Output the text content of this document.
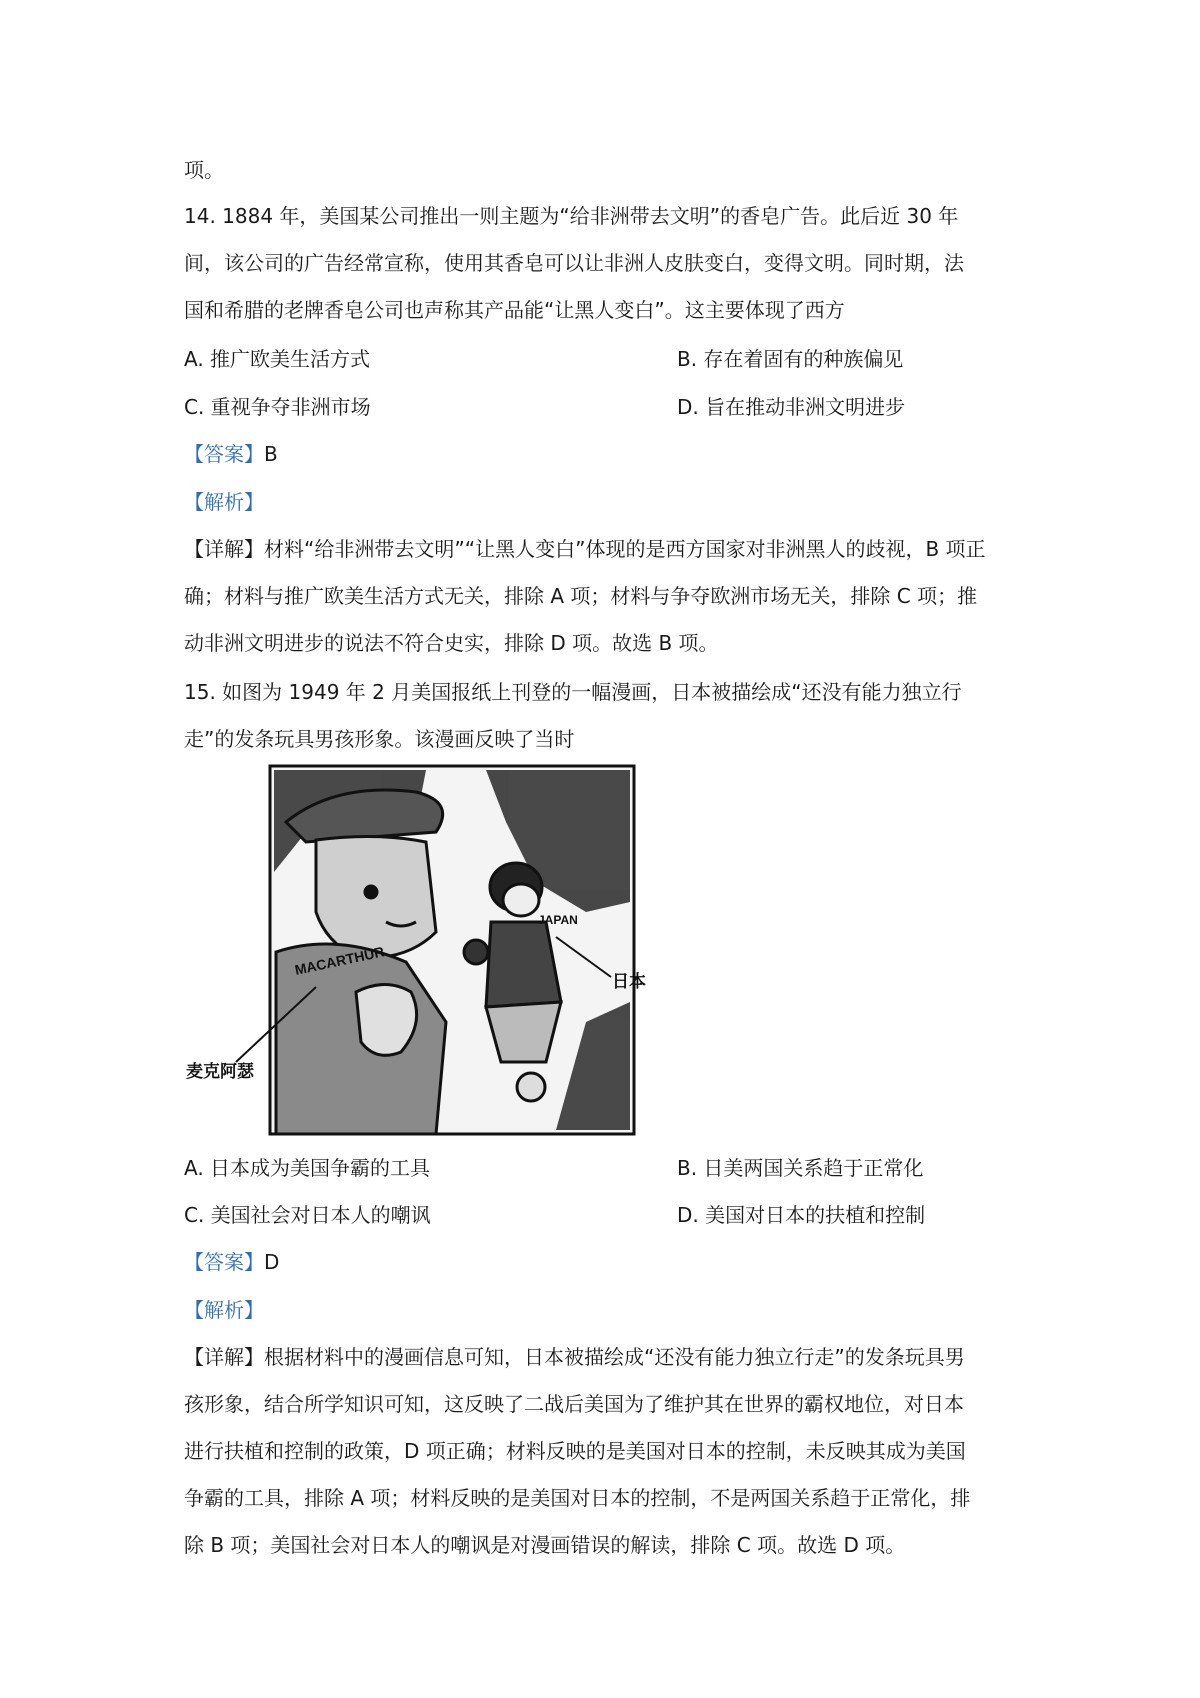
项。
14. 1884 年，美国某公司推出一则主题为“给非洲带去文明”的香皂广告。此后近 30 年
间，该公司的广告经常宣称，使用其香皂可以让非洲人皮肤变白，变得文明。同时期，法
国和希腊的老牌香皂公司也声称其产品能“让黑人变白”。这主要体现了西方
A. 推广欧美生活方式	B. 存在着固有的种族偏见
C. 重视争夺非洲市场	D. 旨在推动非洲文明进步
【答案】B
【解析】
【详解】材料“给非洲带去文明”“让黑人变白”体现的是西方国家对非洲黑人的歧视，B 项正
确；材料与推广欧美生活方式无关，排除 A 项；材料与争夺欧洲市场无关，排除 C 项；推
动非洲文明进步的说法不符合史实，排除 D 项。故选 B 项。
15. 如图为 1949 年 2 月美国报纸上刊登的一幅漫画，日本被描绘成“还没有能力独立行
走”的发条玩具男孩形象。该漫画反映了当时
MACARTHUR
JAPAN
日本
麦克阿瑟
A. 日本成为美国争霸的工具	B. 日美两国关系趋于正常化
C. 美国社会对日本人的嘲讽	D. 美国对日本的扶植和控制
【答案】D
【解析】
【详解】根据材料中的漫画信息可知，日本被描绘成“还没有能力独立行走”的发条玩具男
孩形象，结合所学知识可知，这反映了二战后美国为了维护其在世界的霸权地位，对日本
进行扶植和控制的政策，D 项正确；材料反映的是美国对日本的控制，未反映其成为美国
争霸的工具，排除 A 项；材料反映的是美国对日本的控制，不是两国关系趋于正常化，排
除 B 项；美国社会对日本人的嘲讽是对漫画错误的解读，排除 C 项。故选 D 项。
